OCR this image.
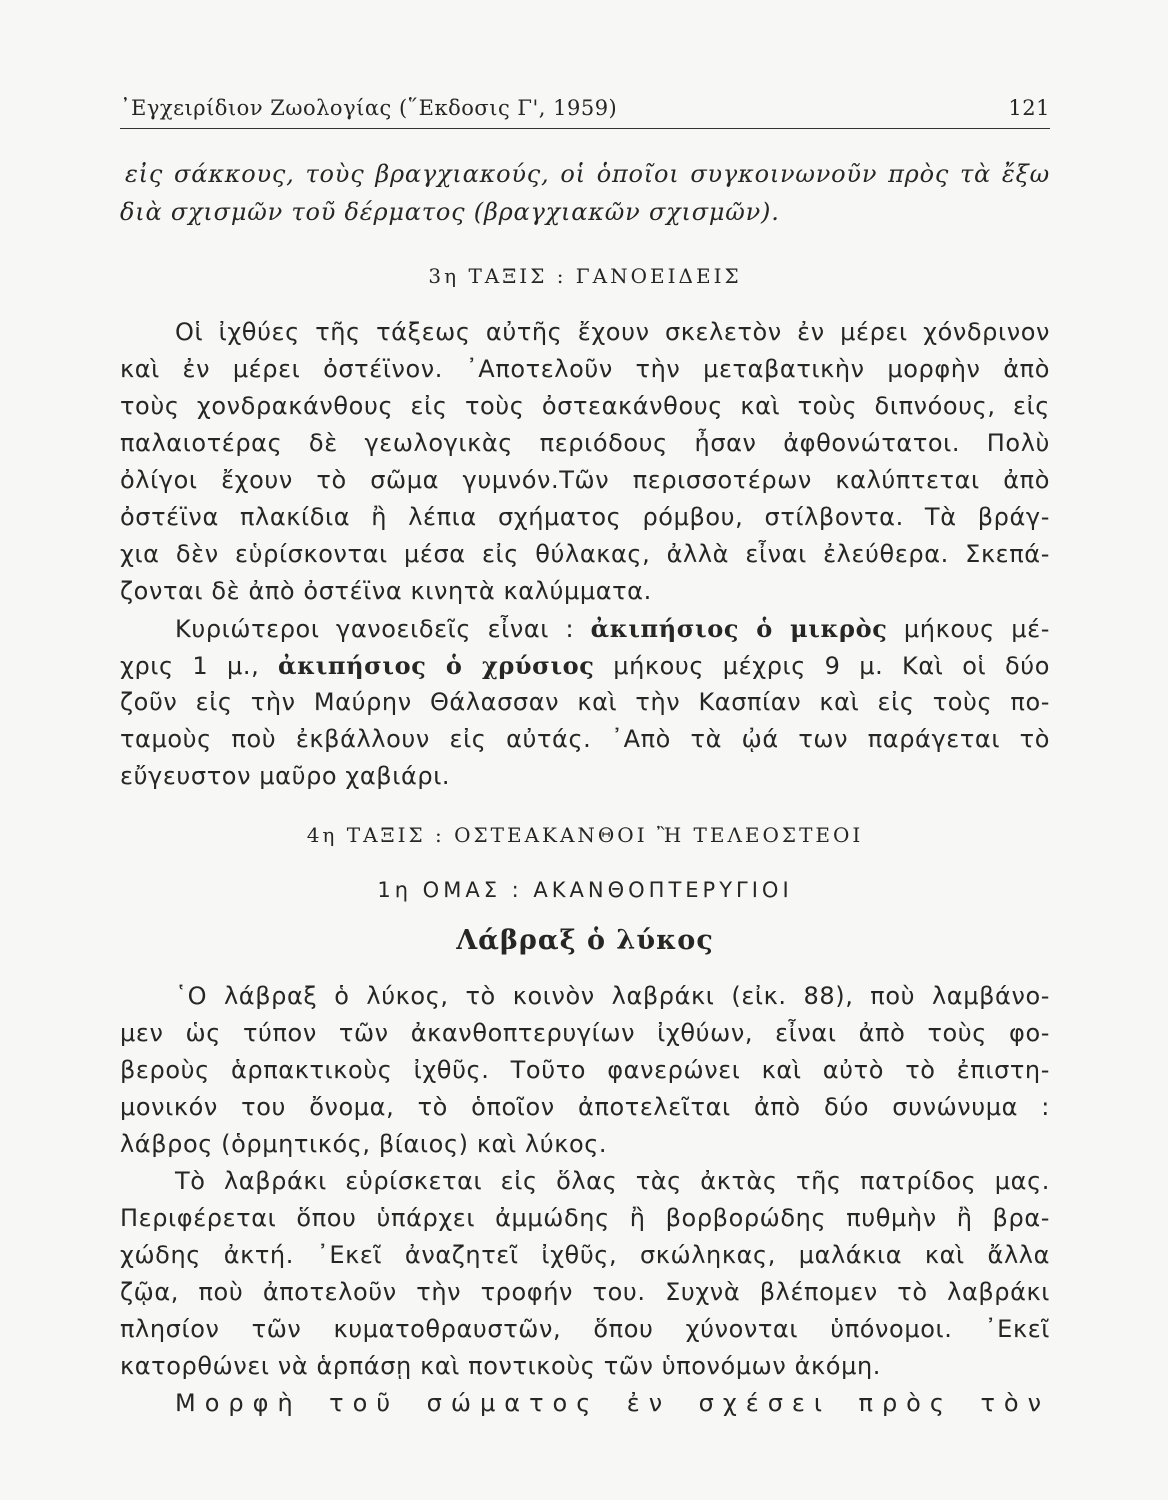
᾽Εγχειρίδιον Ζωολογίας (῞Εκδοσις Γ', 1959)	121
εἰς σάκκους, τοὺς βραγχιακούς, οἱ ὁποῖοι συγκοινωνοῦν πρὸς τὰ ἔξω
διὰ σχισμῶν τοῦ δέρματος (βραγχιακῶν σχισμῶν).
3η ΤΑΞΙΣ : ΓΑΝΟΕΙΔΕΙΣ
Οἱ ἰχθύες τῆς τάξεως αὐτῆς ἔχουν σκελετὸν ἐν μέρει χόνδρινον
καὶ ἐν μέρει ὀστέϊνον. ᾽Αποτελοῦν τὴν μεταβατικὴν μορφὴν ἀπὸ
τοὺς χονδρακάνθους εἰς τοὺς ὀστεακάνθους καὶ τοὺς διπνόους, εἰς
παλαιοτέρας δὲ γεωλογικὰς περιόδους ἦσαν ἀφθονώτατοι. Πολὺ
ὀλίγοι ἔχουν τὸ σῶμα γυμνόν.Τῶν περισσοτέρων καλύπτεται ἀπὸ
ὀστέϊνα πλακίδια ἢ λέπια σχήματος ρόμβου, στίλβοντα. Τὰ βράγ-
χια δὲν εὑρίσκονται μέσα εἰς θύλακας, ἀλλὰ εἶναι ἐλεύθερα. Σκεπά-
ζονται δὲ ἀπὸ ὀστέϊνα κινητὰ καλύμματα.
Κυριώτεροι γανοειδεῖς εἶναι : ἀκιπήσιος ὁ μικρὸς μήκους μέ-
χρις 1 μ., ἀκιπήσιος ὁ χρύσιος μήκους μέχρις 9 μ. Καὶ οἱ δύο
ζοῦν εἰς τὴν Μαύρην Θάλασσαν καὶ τὴν Κασπίαν καὶ εἰς τοὺς πο-
ταμοὺς ποὺ ἐκβάλλουν εἰς αὐτάς. ᾽Απὸ τὰ ᾠά των παράγεται τὸ
εὔγευστον μαῦρο χαβιάρι.
4η ΤΑΞΙΣ : ΟΣΤΕΑΚΑΝΘΟΙ Ἢ ΤΕΛΕΟΣΤΕΟΙ
1η ΟΜΑΣ : ΑΚΑΝΘΟΠΤΕΡΥΓΙΟΙ
Λάβραξ ὁ λύκος
῾Ο λάβραξ ὁ λύκος, τὸ κοινὸν λαβράκι (εἰκ. 88), ποὺ λαμβάνο-
μεν ὡς τύπον τῶν ἀκανθοπτερυγίων ἰχθύων, εἶναι ἀπὸ τοὺς φο-
βεροὺς ἁρπακτικοὺς ἰχθῦς. Τοῦτο φανερώνει καὶ αὐτὸ τὸ ἐπιστη-
μονικόν του ὄνομα, τὸ ὁποῖον ἀποτελεῖται ἀπὸ δύο συνώνυμα :
λάβρος (ὁρμητικός, βίαιος) καὶ λύκος.
Τὸ λαβράκι εὑρίσκεται εἰς ὅλας τὰς ἀκτὰς τῆς πατρίδος μας.
Περιφέρεται ὅπου ὑπάρχει ἀμμώδης ἢ βορβορώδης πυθμὴν ἢ βρα-
χώδης ἀκτή. ᾽Εκεῖ ἀναζητεῖ ἰχθῦς, σκώληκας, μαλάκια καὶ ἄλλα
ζῷα, ποὺ ἀποτελοῦν τὴν τροφήν του. Συχνὰ βλέπομεν τὸ λαβράκι
πλησίον τῶν κυματοθραυστῶν, ὅπου χύνονται ὑπόνομοι. ᾽Εκεῖ
κατορθώνει νὰ ἁρπάσῃ καὶ ποντικοὺς τῶν ὑπονόμων ἀκόμη.
Μορφὴ τοῦ σώματος ἐν σχέσει πρὸς τὸν
